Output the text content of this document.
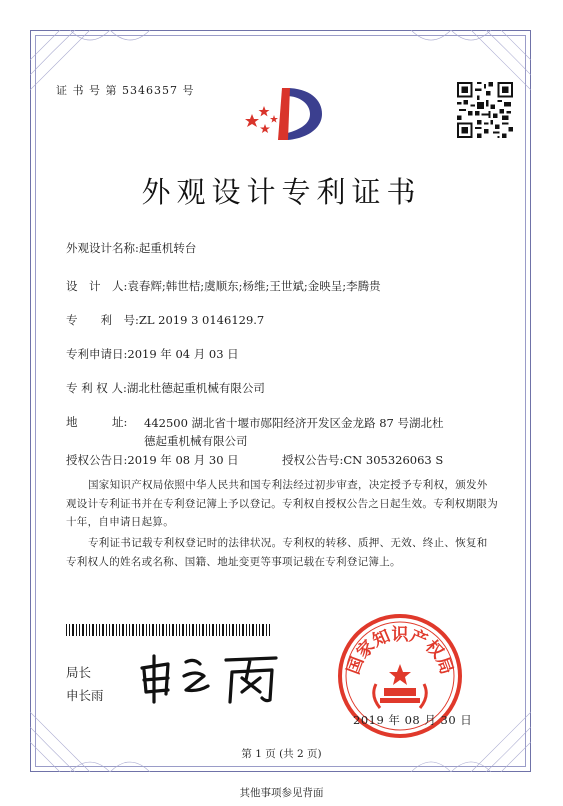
证 书 号 第 5346357 号
外观设计专利证书
外观设计名称:起重机转台
设　计　人:袁春辉;韩世桔;虞顺东;杨维;王世斌;金映呈;李腾贵
专　　利　号:ZL 2019 3 0146129.7
专利申请日:2019 年 04 月 03 日
专 利 权 人:湖北杜德起重机械有限公司
地　　　址: 442500 湖北省十堰市郧阳经济开发区金龙路 87 号湖北杜德起重机械有限公司
授权公告日:2019 年 08 月 30 日	授权公告号:CN 305326063 S
国家知识产权局依照中华人民共和国专利法经过初步审查，决定授予专利权，颁发外观设计专利证书并在专利登记簿上予以登记。专利权自授权公告之日起生效。专利权期限为十年，自申请日起算。
专利证书记载专利权登记时的法律状况。专利权的转移、质押、无效、终止、恢复和专利权人的姓名或名称、国籍、地址变更等事项记载在专利登记簿上。
局长
申长雨
国家知识产权局
2019 年 08 月 30 日
第 1 页 (共 2 页)
其他事项参见背面
